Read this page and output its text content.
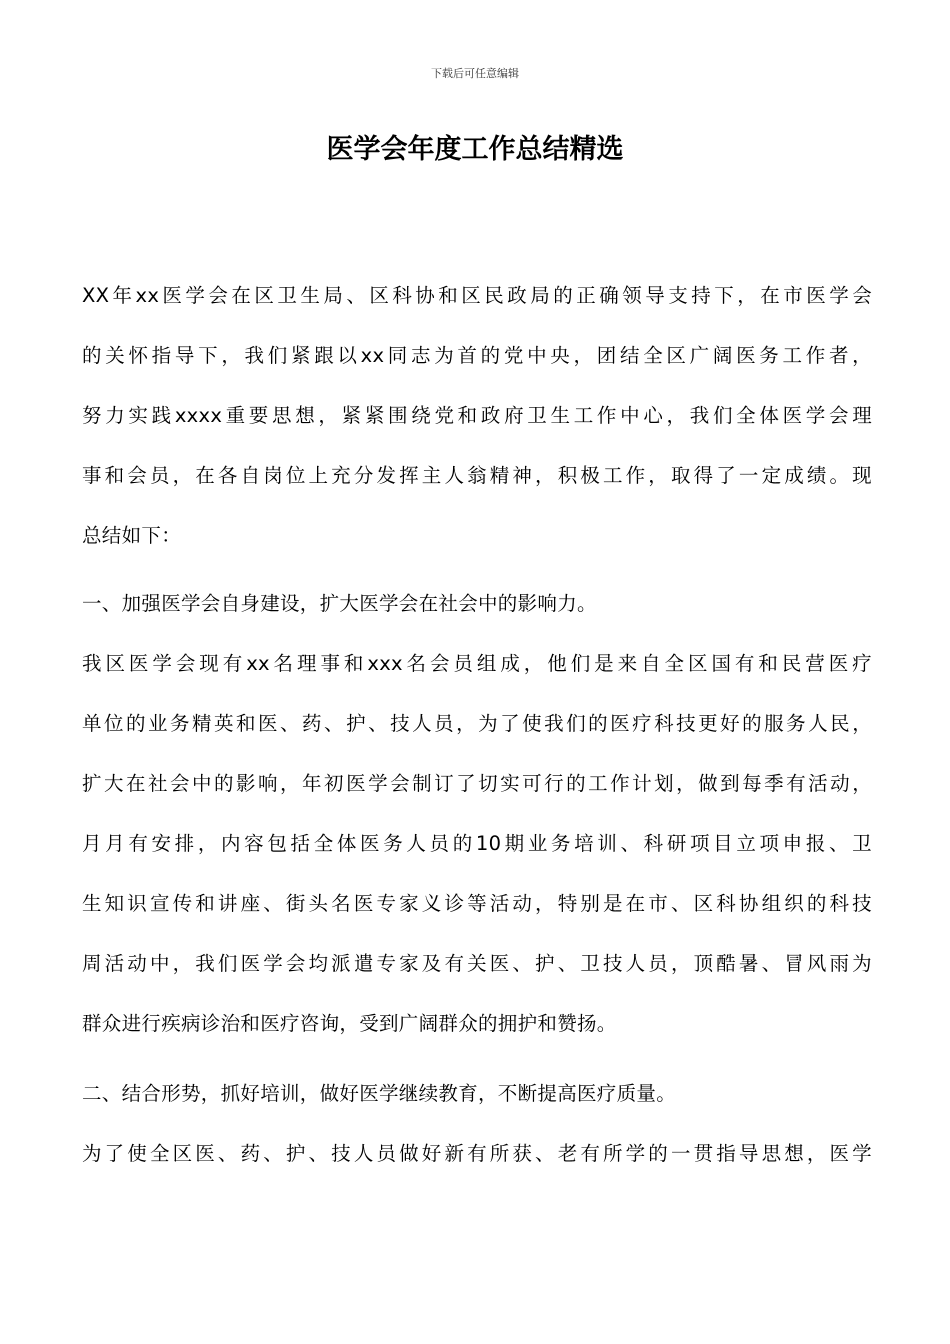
下载后可任意编辑
医学会年度工作总结精选
XX年xx医学会在区卫生局、区科协和区民政局的正确领导支持下，在市医学会
的关怀指导下，我们紧跟以xx同志为首的党中央，团结全区广阔医务工作者，
努力实践xxxx重要思想，紧紧围绕党和政府卫生工作中心，我们全体医学会理
事和会员，在各自岗位上充分发挥主人翁精神，积极工作，取得了一定成绩。现
总结如下：
一、加强医学会自身建设，扩大医学会在社会中的影响力。
我区医学会现有xx名理事和xxx名会员组成，他们是来自全区国有和民营医疗
单位的业务精英和医、药、护、技人员，为了使我们的医疗科技更好的服务人民，
扩大在社会中的影响，年初医学会制订了切实可行的工作计划，做到每季有活动，
月月有安排，内容包括全体医务人员的10期业务培训、科研项目立项申报、卫
生知识宣传和讲座、街头名医专家义诊等活动，特别是在市、区科协组织的科技
周活动中，我们医学会均派遣专家及有关医、护、卫技人员，顶酷暑、冒风雨为
群众进行疾病诊治和医疗咨询，受到广阔群众的拥护和赞扬。
二、结合形势，抓好培训，做好医学继续教育，不断提高医疗质量。
为了使全区医、药、护、技人员做好新有所获、老有所学的一贯指导思想，医学
